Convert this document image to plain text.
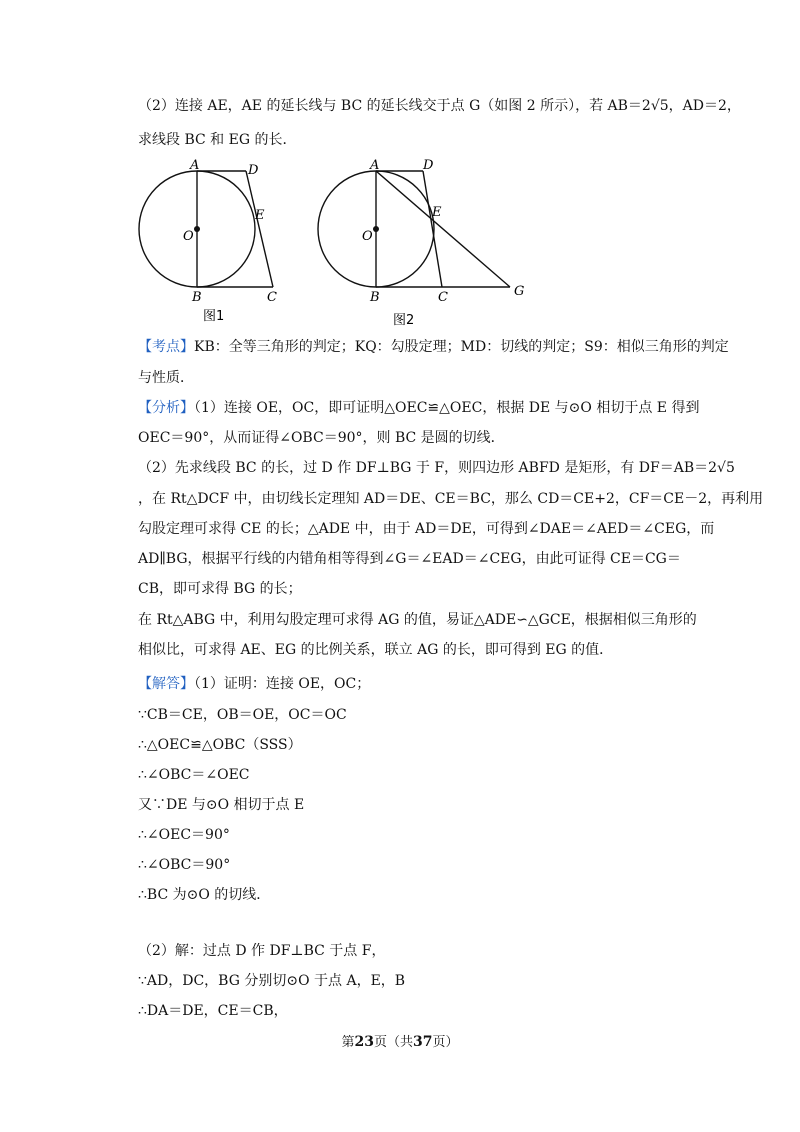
（2）连接 AE，AE 的延长线与 BC 的延长线交于点 G（如图 2 所示），若 AB＝2√5，AD＝2，
求线段 BC 和 EG 的长．
A	D
E
O
B	C
图1
A	D
E
O
B	C	G
图2
【考点】KB：全等三角形的判定；KQ：勾股定理；MD：切线的判定；S9：相似三角形的判定
与性质．
【分析】（1）连接 OE，OC，即可证明△OEC≌△OEC，根据 DE 与⊙O 相切于点 E 得到
OEC＝90°，从而证得∠OBC＝90°，则 BC 是圆的切线．
（2）先求线段 BC 的长，过 D 作 DF⊥BG 于 F，则四边形 ABFD 是矩形，有 DF＝AB＝2√5
，在 Rt△DCF 中，由切线长定理知 AD＝DE、CE＝BC，那么 CD＝CE+2，CF＝CE－2，再利用
勾股定理可求得 CE 的长；△ADE 中，由于 AD＝DE，可得到∠DAE＝∠AED＝∠CEG，而
AD∥BG，根据平行线的内错角相等得到∠G＝∠EAD＝∠CEG，由此可证得 CE＝CG＝
CB，即可求得 BG 的长；
在 Rt△ABG 中，利用勾股定理可求得 AG 的值，易证△ADE∽△GCE，根据相似三角形的
相似比，可求得 AE、EG 的比例关系，联立 AG 的长，即可得到 EG 的值．
【解答】（1）证明：连接 OE，OC；
∵CB＝CE，OB＝OE，OC＝OC
∴△OEC≌△OBC（SSS）
∴∠OBC＝∠OEC
又∵DE 与⊙O 相切于点 E
∴∠OEC＝90°
∴∠OBC＝90°
∴BC 为⊙O 的切线．
（2）解：过点 D 作 DF⊥BC 于点 F，
∵AD，DC，BG 分别切⊙O 于点 A，E，B
∴DA＝DE，CE＝CB，
第23页（共37页）
